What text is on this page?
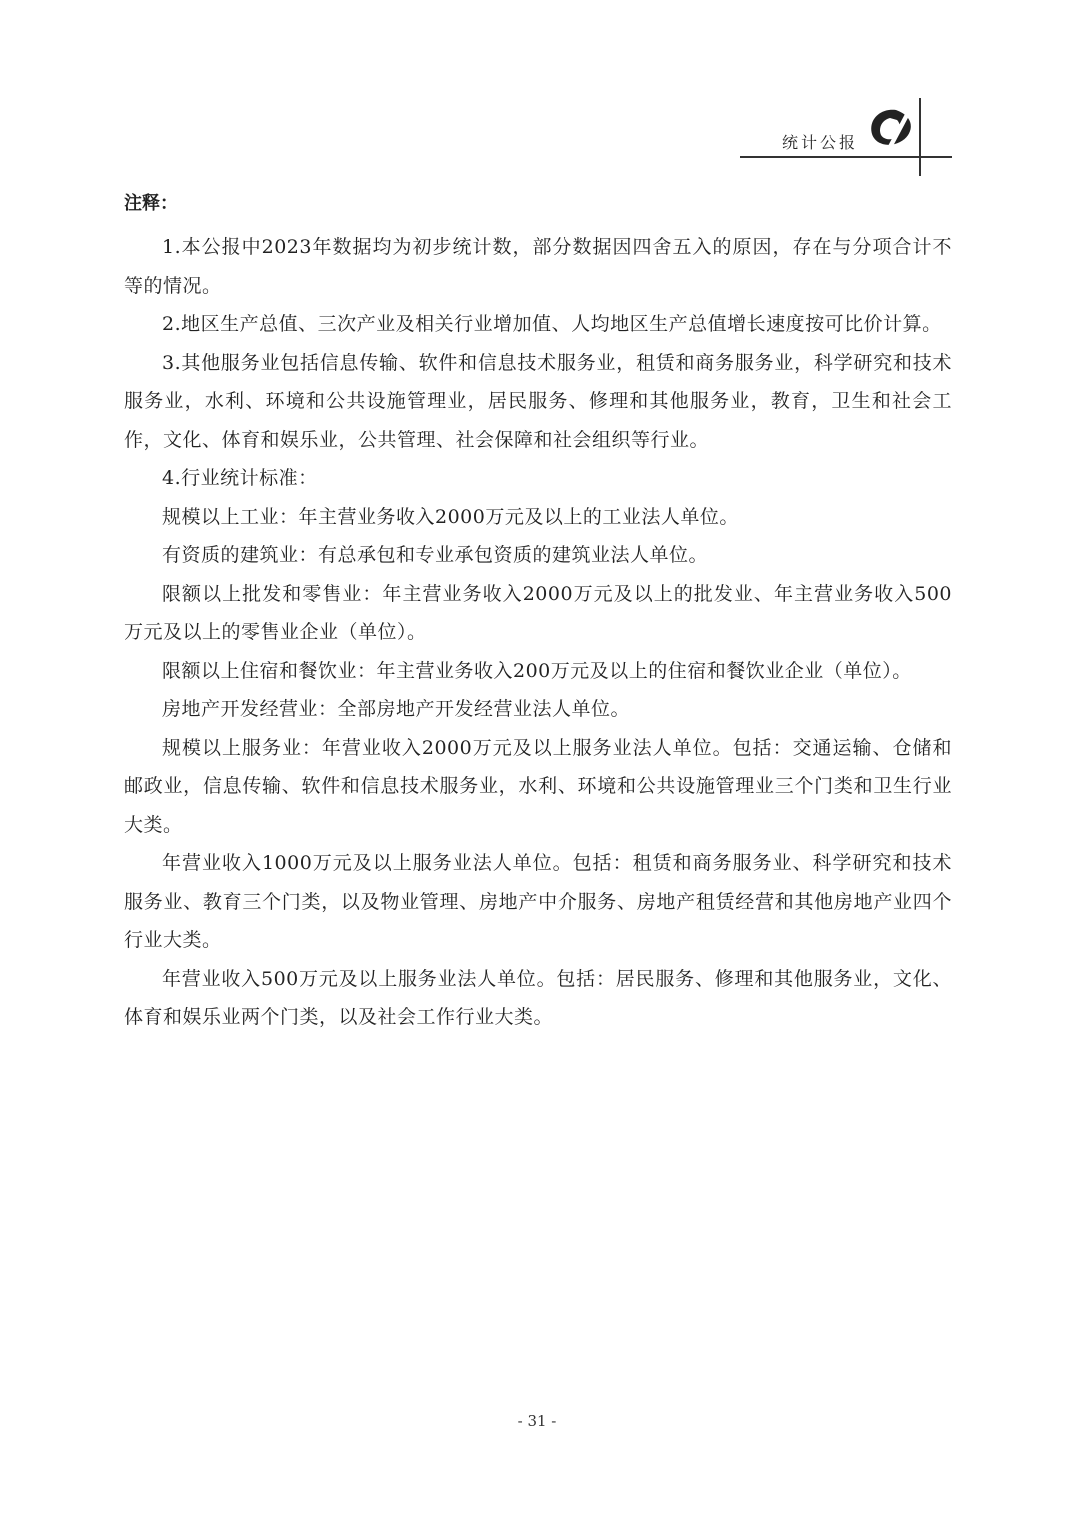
统计公报
注释：

1.本公报中2023年数据均为初步统计数，部分数据因四舍五入的原因，存在与分项合计不等的情况。

2.地区生产总值、三次产业及相关行业增加值、人均地区生产总值增长速度按可比价计算。

3.其他服务业包括信息传输、软件和信息技术服务业，租赁和商务服务业，科学研究和技术服务业，水利、环境和公共设施管理业，居民服务、修理和其他服务业，教育，卫生和社会工作，文化、体育和娱乐业，公共管理、社会保障和社会组织等行业。

4.行业统计标准：

规模以上工业：年主营业务收入2000万元及以上的工业法人单位。

有资质的建筑业：有总承包和专业承包资质的建筑业法人单位。

限额以上批发和零售业：年主营业务收入2000万元及以上的批发业、年主营业务收入500万元及以上的零售业企业（单位）。

限额以上住宿和餐饮业：年主营业务收入200万元及以上的住宿和餐饮业企业（单位）。

房地产开发经营业：全部房地产开发经营业法人单位。

规模以上服务业：年营业收入2000万元及以上服务业法人单位。包括：交通运输、仓储和邮政业，信息传输、软件和信息技术服务业，水利、环境和公共设施管理业三个门类和卫生行业大类。

年营业收入1000万元及以上服务业法人单位。包括：租赁和商务服务业、科学研究和技术服务业、教育三个门类，以及物业管理、房地产中介服务、房地产租赁经营和其他房地产业四个行业大类。

年营业收入500万元及以上服务业法人单位。包括：居民服务、修理和其他服务业，文化、体育和娱乐业两个门类，以及社会工作行业大类。

- 31 -
